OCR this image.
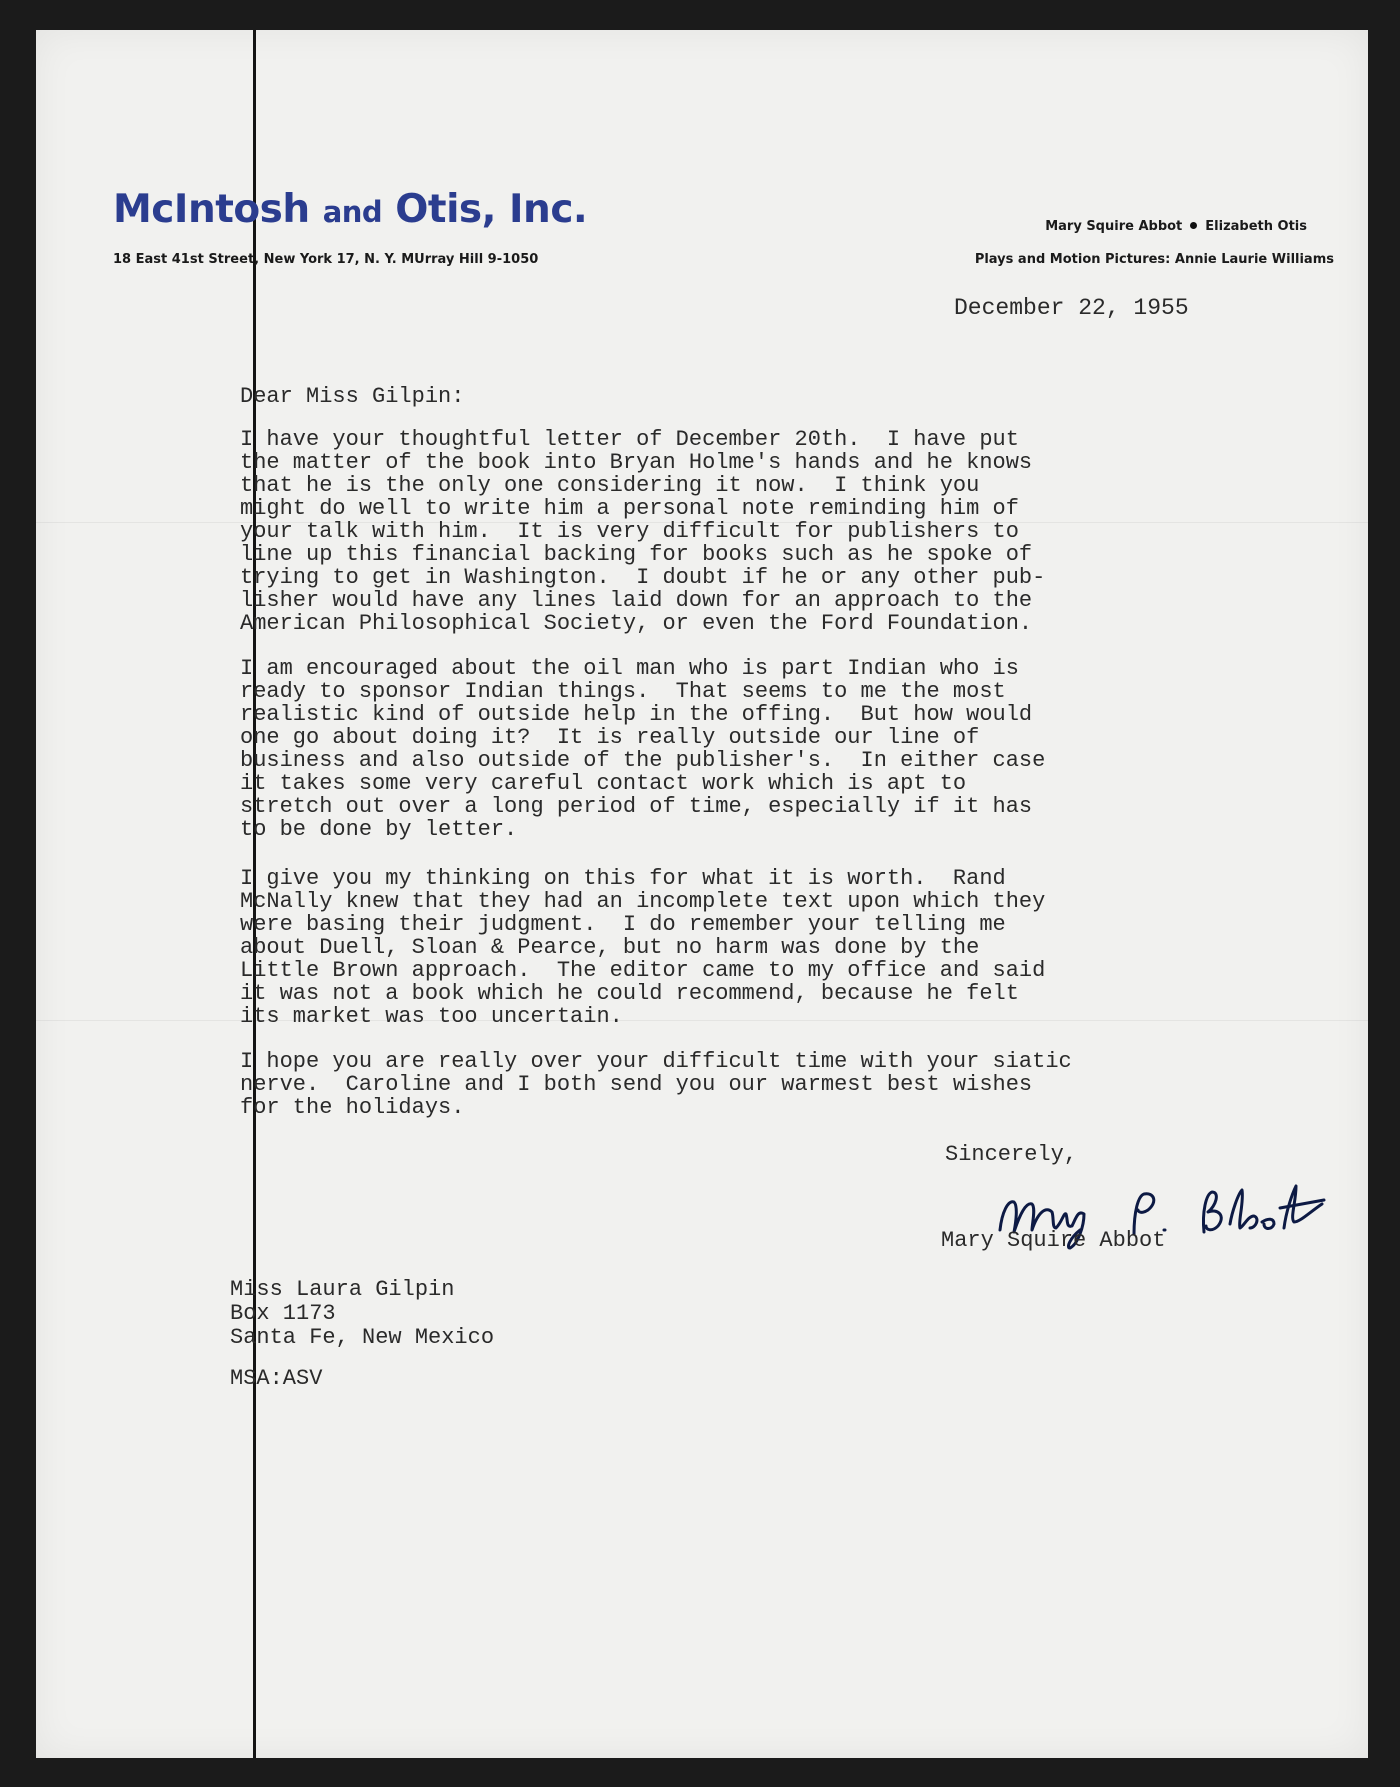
McIntosh and Otis, Inc.
18 East 41st Street, New York 17, N. Y. MUrray Hill 9-1050
Mary Squire Abbot Elizabeth Otis
Plays and Motion Pictures: Annie Laurie Williams
December 22, 1955
Dear Miss Gilpin:
I have your thoughtful letter of December 20th.  I have put
the matter of the book into Bryan Holme's hands and he knows
that he is the only one considering it now.  I think you
might do well to write him a personal note reminding him of
your talk with him.  It is very difficult for publishers to
line up this financial backing for books such as he spoke of
trying to get in Washington.  I doubt if he or any other pub-
lisher would have any lines laid down for an approach to the
American Philosophical Society, or even the Ford Foundation.
I am encouraged about the oil man who is part Indian who is
ready to sponsor Indian things.  That seems to me the most
realistic kind of outside help in the offing.  But how would
one go about doing it?  It is really outside our line of
business and also outside of the publisher's.  In either case
it takes some very careful contact work which is apt to
stretch out over a long period of time, especially if it has
to be done by letter.
I give you my thinking on this for what it is worth.  Rand
McNally knew that they had an incomplete text upon which they
were basing their judgment.  I do remember your telling me
about Duell, Sloan & Pearce, but no harm was done by the
Little Brown approach.  The editor came to my office and said
it was not a book which he could recommend, because he felt
its market was too uncertain.
I hope you are really over your difficult time with your siatic
nerve.  Caroline and I both send you our warmest best wishes
for the holidays.
Sincerely,
Mary Squire Abbot
Miss Laura Gilpin
Box 1173
Santa Fe, New Mexico
MSA:ASV
